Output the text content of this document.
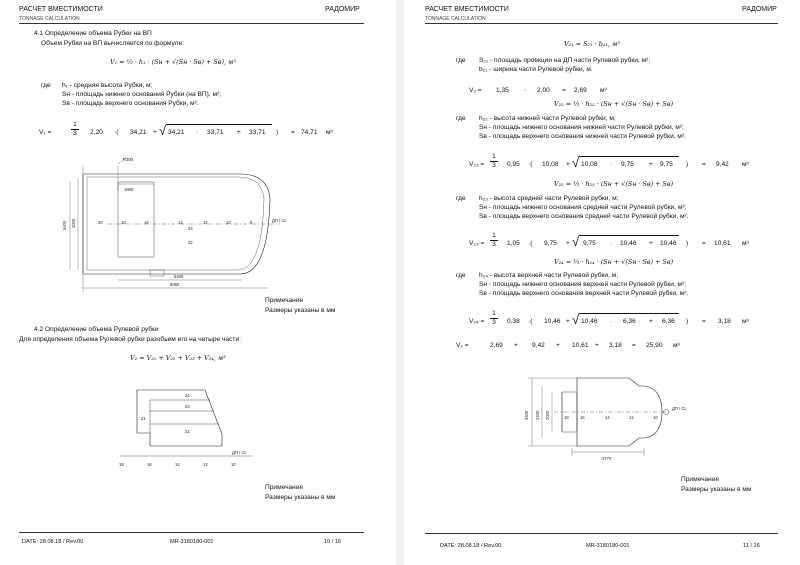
РАСЧЕТ ВМЕСТИМОСТИ
TONNAGE CALCULATION
РАДОМИР
4.1 Определение объема Рубки на ВП
Объем Рубки на ВП вычисляется по формуле:
V₁ = ⅓ · h₁ · (Sн + √(Sн · Sв) + Sв), м³
где h₁ - средняя высота Рубки, м;
Sн - площадь нижнего основания Рубки (на ВП), м²;
Sв - площадь верхнего основания Рубки, м².
V₁ =	$\frac{1}{3} 2,20$ ·( 34,21 + √ 34,21 · 33,71 + 33,71 ) = 74,71 м³
R300
1800
5400 4000
5400
8060
ДП / CL
20	18	16	14	12	10	8
24
22
Примечание
Размеры указаны в мм
4.2 Определение объема Рулевой рубки
Для определения объема Рулевой рубки разобьем его на четыре части:
V₂ = V₂₁ + V₂₂ + V₂₃ + V₂₄, м³
24
23
22
21
ДП / CL
18	16	14	12	10
Примечание
Размеры указаны в мм
DATE: 28.08.18 / Rev.00	MR-3180180-001	10 / 16
РАСЧЕТ ВМЕСТИМОСТИ
TONNAGE CALCULATION
РАДОМИР
V₂₁ = S₂₁ · b₂₁, м³
где S₂₁ - площадь проекции на ДП части Рулевой рубки, м²;
b₂₁ - ширина части Рулевой рубки, м.
V₂ = 1,35 · 2,00 = 2,69 м³
V₂₂ = ⅓ · h₂₂ · (Sн + √(Sн · Sв) + Sв)
где h₂₂ - высота нижней части Рулевой рубки, м;
Sн - площадь нижнего основания нижней части Рулевой рубки, м²;
Sв - площадь верхнего основания нижней части Рулевой рубки, м².
$V_{22} = \frac{1}{3} 0,95$ ·( 10,08 + √ 10,08 · 9,75 + 9,75 ) = 9,42 м³
V₂₃ = ⅓ · h₂₃ · (Sн + √(Sн · Sв) + Sв)
где h₂₃ - высота средней части Рулевой рубки, м;
Sн - площадь нижнего основания средней части Рулевой рубки, м²;
Sв - площадь верхнего основания средней части Рулевой рубки, м².
$V_{23} = \frac{1}{3} 1,05$ ·( 9,75 + √ 9,75 · 10,46 + 10,46 ) = 10,61 м³
V₂₄ = ⅓ · h₂₄ · (Sн + √(Sн · Sв) + Sв)
где h₂₄ - высота верхней части Рулевой рубки, м;
Sн - площадь нижнего основания верхней части Рулевой рубки, м²;
Sв - площадь верхнего основания верхней части Рулевой рубки, м².
$V_{24} = \frac{1}{3} 0,38$ ·( 10,46 + √ 10,46 · 6,36 + 6,36 ) = 3,18 м³
V₂ =	2,69 + 9,42 + 10,61 + 3,18 = 25,90 м³
3400 2400 2000
3770
ДП / CL
18	16	14	12	10
Примечание
Размеры указаны в мм
DATE: 28.08.18 / Rev.00	MR-3180180-001	11 / 16
